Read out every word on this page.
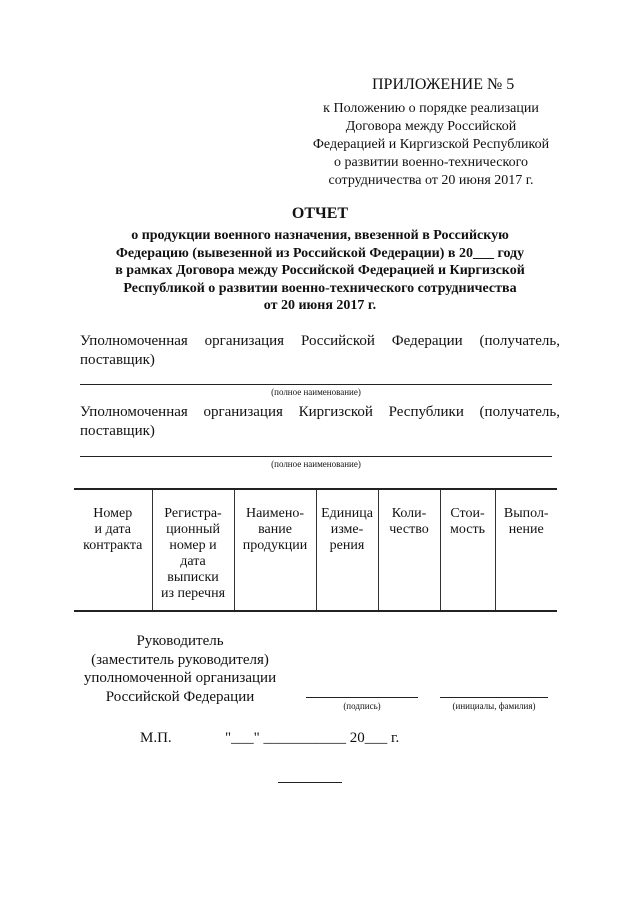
ПРИЛОЖЕНИЕ № 5
к Положению о порядке реализации
Договора между Российской
Федерацией и Киргизской Республикой
о развитии военно-технического
сотрудничества от 20 июня 2017 г.
ОТЧЕТ
о продукции военного назначения, ввезенной в Российскую
Федерацию (вывезенной из Российской Федерации) в 20___ году
в рамках Договора между Российской Федерацией и Киргизской
Республикой о развитии военно-технического сотрудничества
от 20 июня 2017 г.
Уполномоченная организация Российской Федерации (получатель,
поставщик)
(полное наименование)
Уполномоченная организация Киргизской Республики (получатель,
поставщик)
(полное наименование)
Номер
и дата
контракта

Регистра-
ционный
номер и
дата
выписки
из перечня

Наимено-
вание
продукции

Единица
изме-
рения

Коли-
чество

Стои-
мость

Выпол-
нение
Руководитель
(заместитель руководителя)
уполномоченной организации
Российской Федерации
(подпись)	(инициалы, фамилия)
М.П.	"___" ___________ 20___ г.
